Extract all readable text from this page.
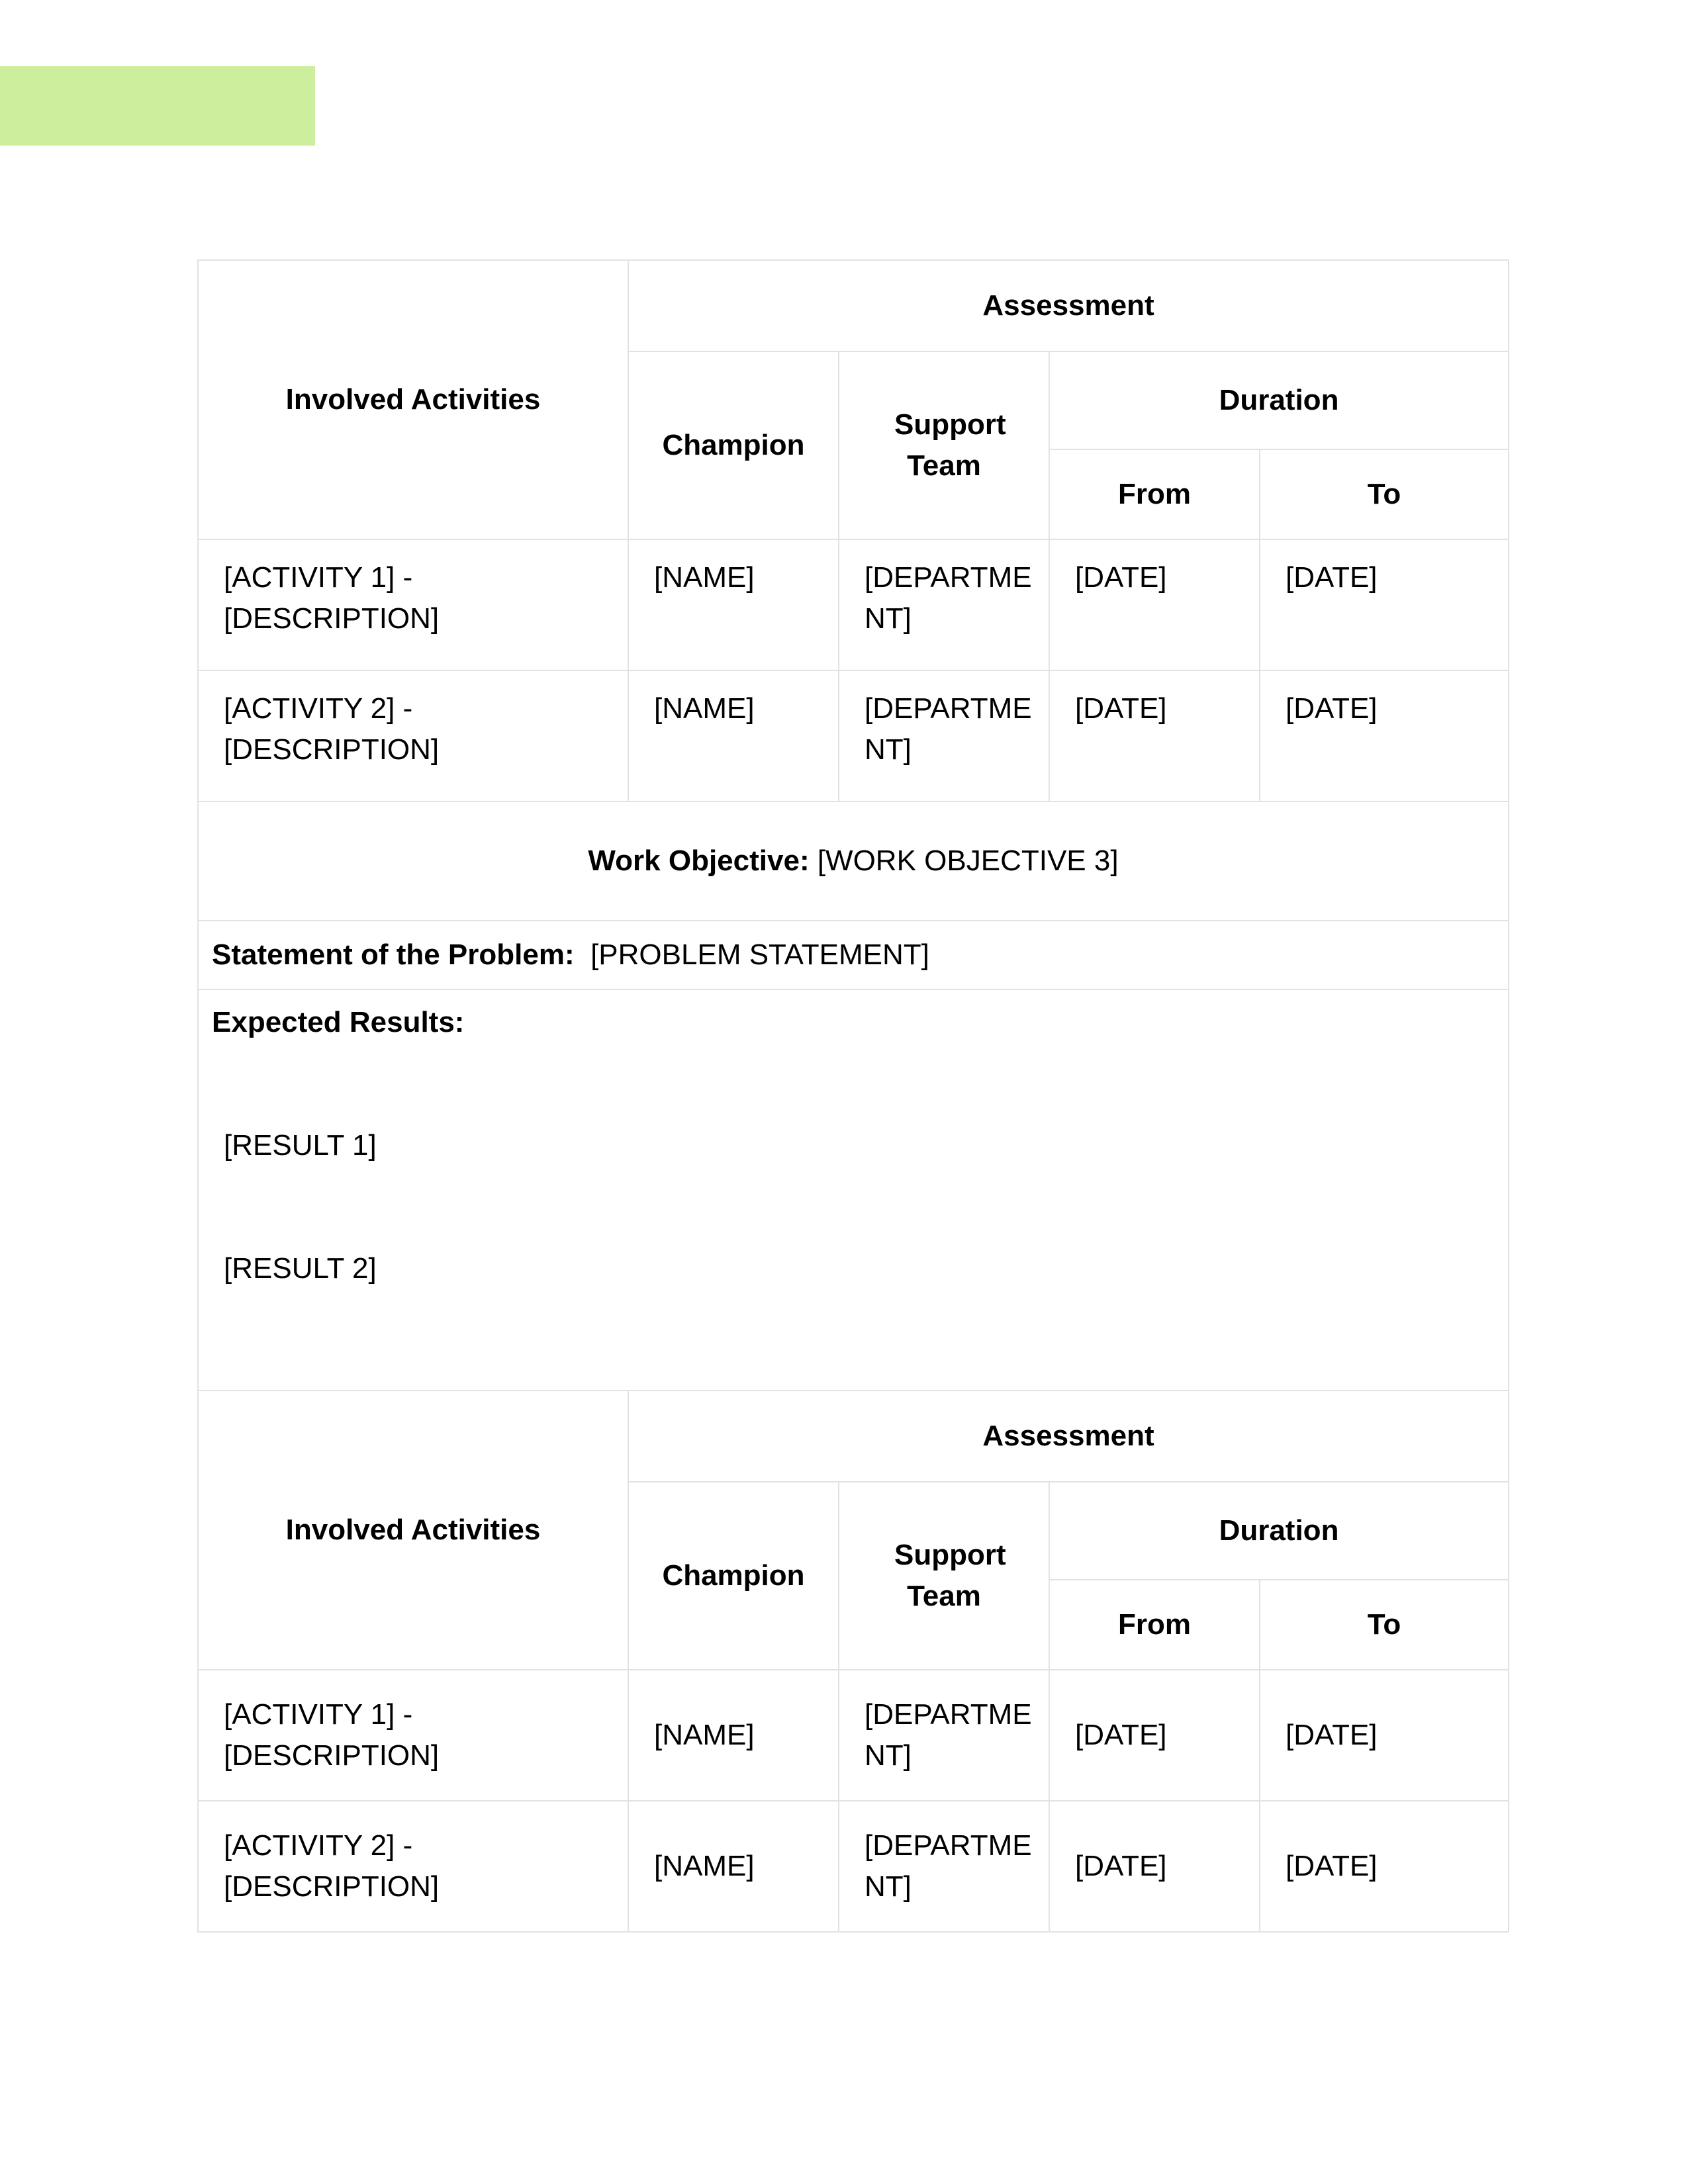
Involved Activities	Assessment			
	Champion	Support Team	Duration	
			From	To
[ACTIVITY 1] - [DESCRIPTION]	[NAME]	[DEPARTMENT]	[DATE]	[DATE]
[ACTIVITY 2] - [DESCRIPTION]	[NAME]	[DEPARTMENT]	[DATE]	[DATE]
Work Objective: [WORK OBJECTIVE 3]				
Statement of the Problem: [PROBLEM STATEMENT]				

Expected Results:
[RESULT 1]
[RESULT 2]				

Involved Activities	Assessment			
	Champion	Support Team	Duration	
			From	To
[ACTIVITY 1] - [DESCRIPTION]	[NAME]	[DEPARTMENT]	[DATE]	[DATE]
[ACTIVITY 2] - [DESCRIPTION]	[NAME]	[DEPARTMENT]	[DATE]	[DATE]
